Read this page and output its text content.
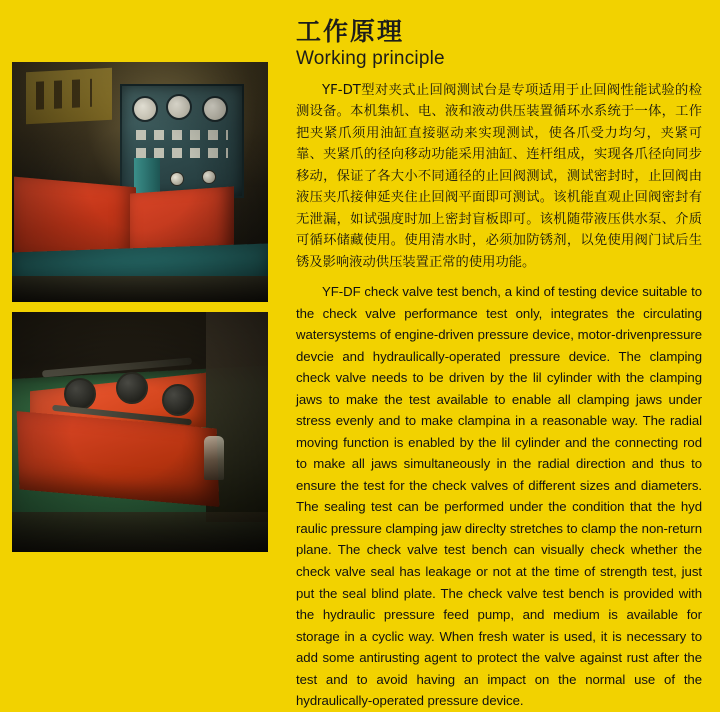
工作原理
Working principle

YF-DT型对夹式止回阀测试台是专项适用于止回阀性能试验的检测设备。本机集机、电、液和液动供压装置循环水系统于一体，工作把夹紧爪须用油缸直接驱动来实现测试，使各爪受力均匀，夹紧可靠、夹紧爪的径向移动功能采用油缸、连杆组成，实现各爪径向同步移动，保证了各大小不同通径的止回阀测试，测试密封时，止回阀由液压夹爪接伸延夹住止回阀平面即可测试。该机能直观止回阀密封有无泄漏，如试强度时加上密封盲板即可。该机随带液压供水泵、介质可循环储藏使用。使用清水时，必须加防锈剂，以免使用阀门试后生锈及影响液动供压装置正常的使用功能。

YF-DF check valve test bench, a kind of testing device suitable to the check valve performance test only, integrates the circulating watersystems of engine-driven pressure device, motor-drivenpressure devcie and hydraulically-operated pressure device. The clamping check valve needs to be driven by the lil cylinder with the clamping jaws to make the test available to enable all clamping jaws under stress evenly and to make clampina in a reasonable way. The radial moving function is enabled by the lil cylinder and the connecting rod to make all jaws simultaneously in the radial direction and thus to ensure the test for the check valves of different sizes and diameters. The sealing test can be performed under the condition that the hyd raulic pressure clamping jaw direclty stretches to clamp the non-return plane. The check valve test bench can visually check whether the check valve seal has leakage or not at the time of strength test, just put the seal blind plate. The check valve test bench is provided with the hydraulic pressure feed pump, and medium is available for storage in a cyclic way. When fresh water is used, it is necessary to add some antirusting agent to protect the valve against rust after the test and to avoid having an impact on the normal use of the hydraulically-operated pressure device.
